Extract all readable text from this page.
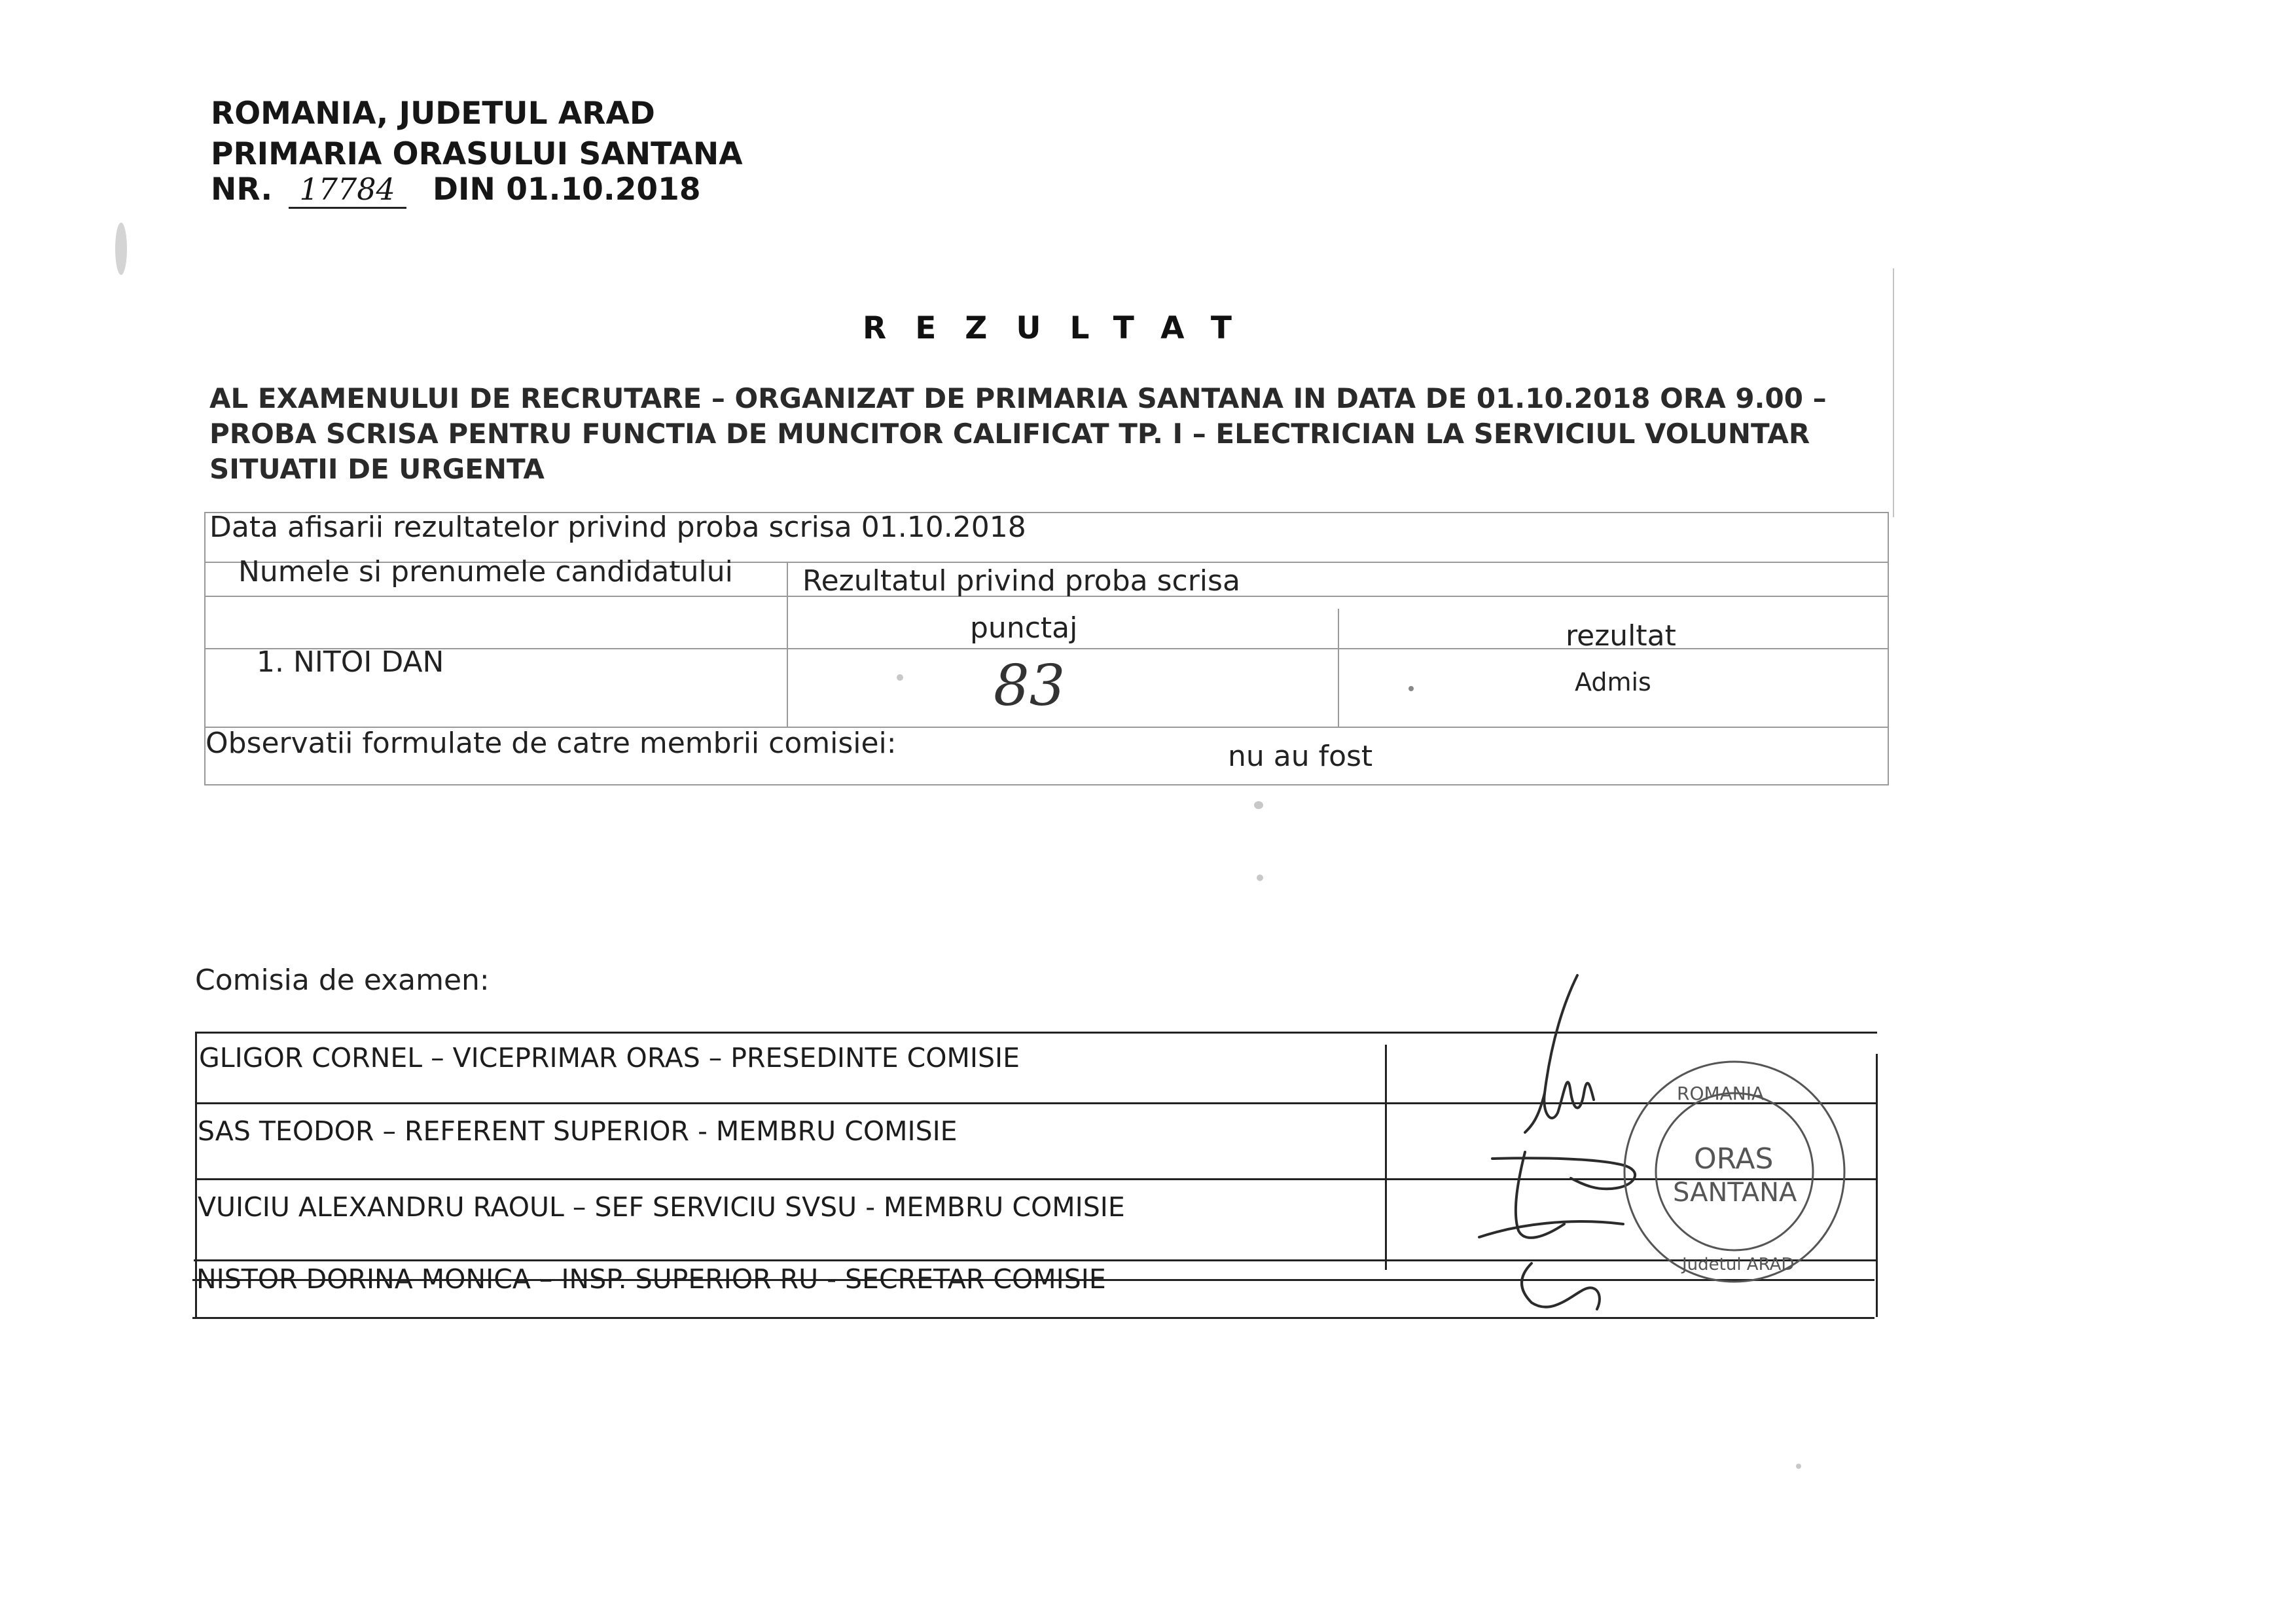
ROMANIA, JUDETUL ARAD
PRIMARIA ORASULUI SANTANA
NR. 17784 DIN 01.10.2018
REZULTAT
AL EXAMENULUI DE RECRUTARE – ORGANIZAT DE PRIMARIA SANTANA IN DATA DE 01.10.2018 ORA 9.00 –PROBA SCRISA PENTRU FUNCTIA DE MUNCITOR CALIFICAT TP. I – ELECTRICIAN LA SERVICIUL VOLUNTAR SITUATII DE URGENTA
Data afisarii rezultatelor privind proba scrisa 01.10.2018
Numele si prenumele candidatului Rezultatul privind proba scrisa
punctaj	rezultat
1. NITOI DAN	83	Admis
Observatii formulate de catre membrii comisiei:	nu au fost
Comisia de examen:
GLIGOR CORNEL – VICEPRIMAR ORAS – PRESEDINTE COMISIE
SAS TEODOR – REFERENT SUPERIOR - MEMBRU COMISIE
VUICIU ALEXANDRU RAOUL – SEF SERVICIU SVSU - MEMBRU COMISIE
NISTOR DORINA MONICA – INSP. SUPERIOR RU - SECRETAR COMISIE
ROMANIA
ORAS
SANTANA
Judetul ARAD
